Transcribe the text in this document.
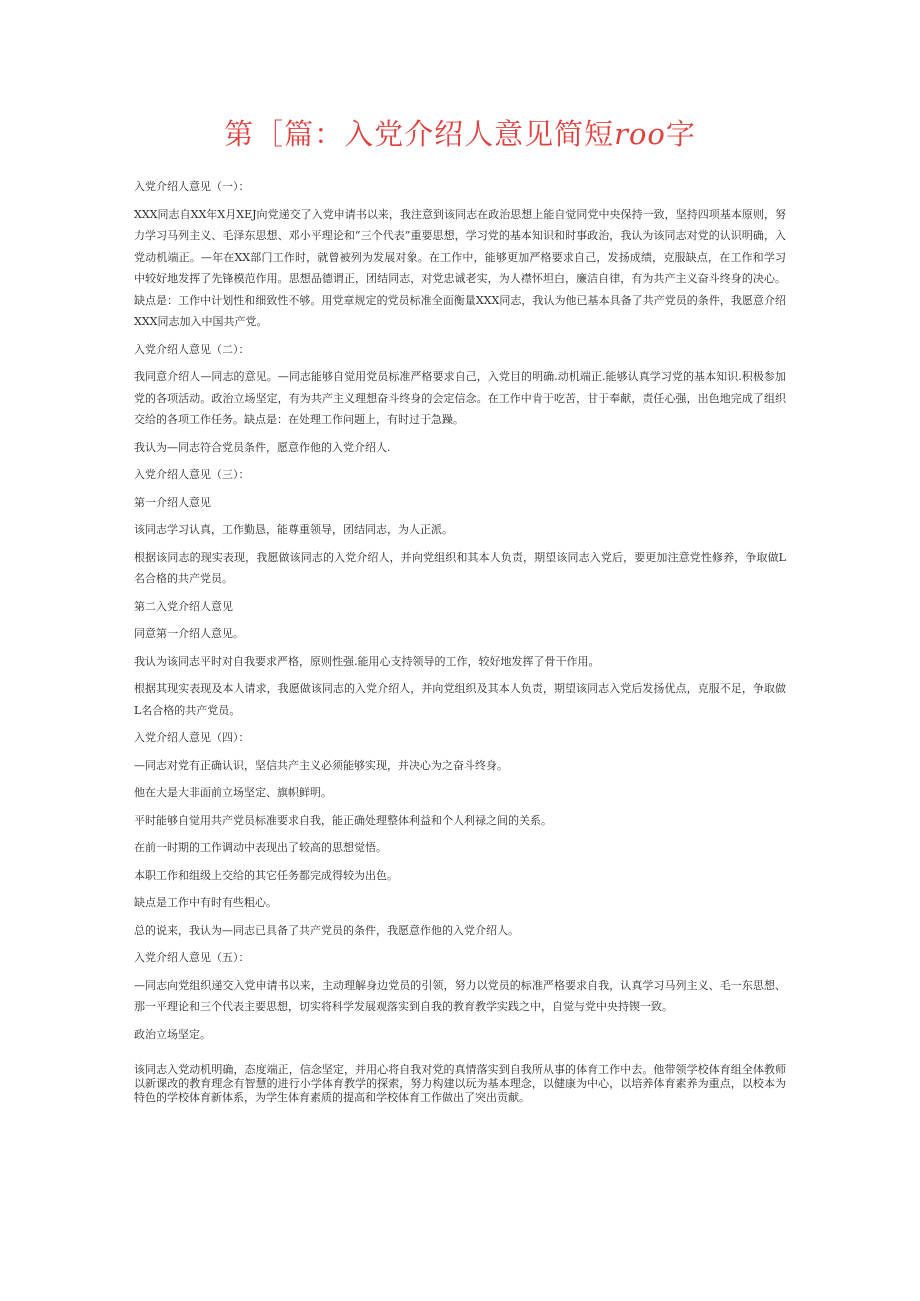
第［篇：入党介绍人意见简短roo字

入党介绍人意见（一）：

XXX同志自XX年X月XEJ向党递交了入党申请书以来，我注意到该同志在政治思想上能自觉同党中央保持一致，坚持四项基本原则，努力学习马列主义、毛泽东思想、邓小平理论和“三个代表”重要思想，学习党的基本知识和时事政治，我认为该同志对党的认识明确，入党动机端正。—年在XX部门工作时，就曾被列为发展对象。在工作中，能够更加严格要求自己，发扬成绩，克服缺点，在工作和学习中较好地发挥了先锋模范作用。思想品德谓正，团结同志，对党忠诚老实，为人襟怀坦白，廉洁自律，有为共产主义奋斗终身的决心。缺点是：工作中计划性和细致性不够。用党章规定的党员标准全面衡量XXX同志，我认为他已基本具备了共产党员的条件，我愿意介绍XXX同志加入中国共产党。

入党介绍人意见（二）：

我同意介绍人—同志的意见。—同志能够自觉用党员标准严格要求自己，入党目的明确.动机端正.能够认真学习党的基本知识.积极参加党的各项活动。政治立场坚定，有为共产主义理想奋斗终身的会定信念。在工作中肯于吃苦，甘于奉献，责任心强，出色地完成了组织交给的各项工作任务。缺点是：在处理工作问题上，有时过于急躁。

我认为—同志符合党员条件，愿意作他的入党介绍人.

入党介绍人意见（三）：

第一介绍人意见

该同志学习认真，工作勤恳，能尊重领导，团结同志，为人正派。

根据该同志的现实表现，我愿做该同志的入党介绍人，并向党组织和其本人负责，期望该同志入党后，要更加注意党性修养，争取做L名合格的共产党员。

第二入党介绍人意见

同意第一介绍人意见。

我认为该同志平时对自我要求严格，原则性强.能用心支持领导的工作，较好地发挥了骨干作用。

根据其现实表现及本人请求，我愿做该同志的入党介绍人，并向党组织及其本人负责，期望该同志入党后发扬优点，克服不足，争取做L名合格的共产党员。

入党介绍人意见（四）：

—同志对党有正确认识，坚信共产主义必须能够实现，并决心为之奋斗终身。

他在大是大非面前立场坚定、旗帜鲜明。

平时能够自觉用共产党员标准要求自我，能正确处理整体利益和个人利禄之间的关系。

在前一时期的工作调动中表现出了较高的思想觉悟。

本职工作和组级上交给的其它任务都完成得较为出色。

缺点是工作中有时有些粗心。

总的说来，我认为—同志已具备了共产党员的条件，我愿意作他的入党介绍人。

入党介绍人意见（五）：

—同志向党组织递交入党申请书以来，主动理解身边党员的引领，努力以党员的标准严格要求自我，认真学习马列主义、毛一东思想、那一平理论和三个代表主要思想，切实将科学发展观落实到自我的教育教学实践之中，自觉与党中央持锲一致。

政治立场坚定。

该同志入党动机明确，态度端正，信念坚定，并用心将自我对党的真情落实到自我所从事的体育工作中去。他带领学校体育组全体教师以新课改的教育理念有智慧的进行小学体育教学的探索，努力构建以玩为基本理念，以健康为中心，以培养体育素养为重点，以校本为特色的学校体育新体系，为学生体育素质的提高和学校体育工作做出了突出贡献。
